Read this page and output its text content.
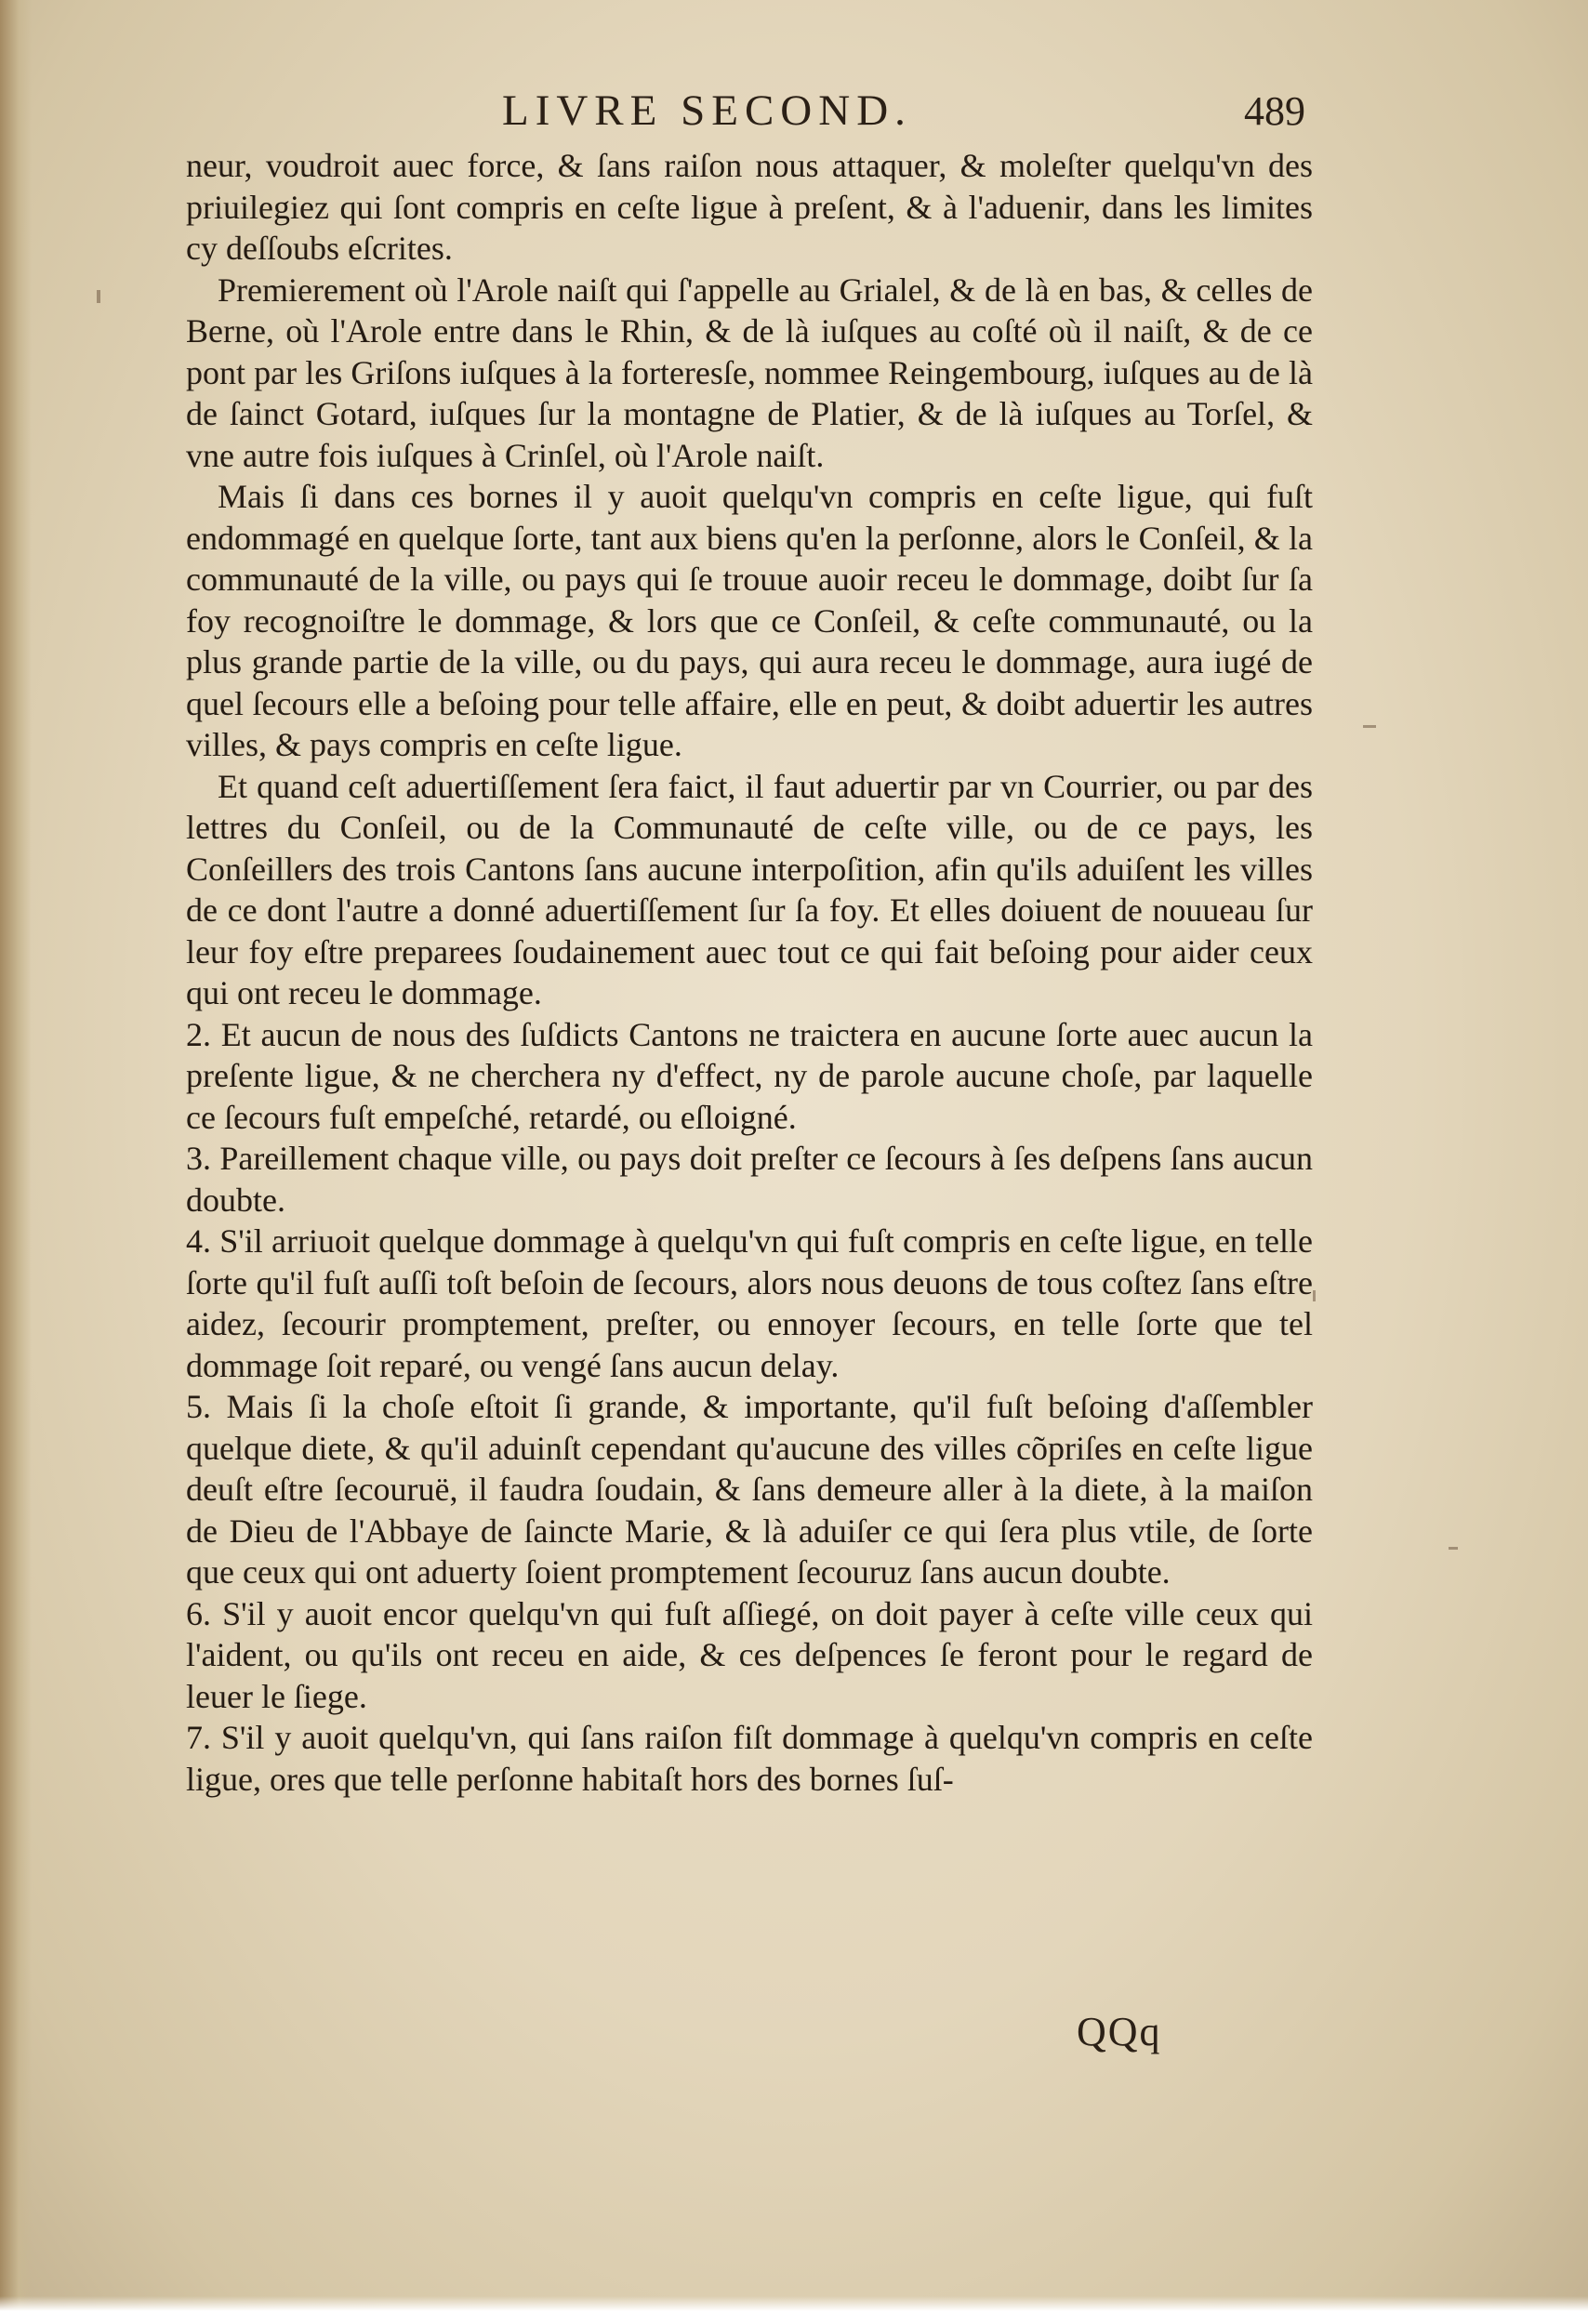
LIVRE SECOND.	489

neur, voudroit auec force, & ſans raiſon nous attaquer, & moleſter quelqu'vn des priuilegiez qui ſont compris en ceſte ligue à preſent, & à l'aduenir, dans les limites cy deſſoubs eſcrites.

Premierement où l'Arole naiſt qui ſ'appelle au Grialel, & de là en bas, & celles de Berne, où l'Arole entre dans le Rhin, & de là iuſques au coſté où il naiſt, & de ce pont par les Griſons iuſques à la forteresſe, nommee Reingembourg, iuſques au de là de ſainct Gotard, iuſques ſur la montagne de Platier, & de là iuſques au Torſel, & vne autre fois iuſques à Crinſel, où l'Arole naiſt.

Mais ſi dans ces bornes il y auoit quelqu'vn compris en ceſte ligue, qui fuſt endommagé en quelque ſorte, tant aux biens qu'en la perſonne, alors le Conſeil, & la communauté de la ville, ou pays qui ſe trouue auoir receu le dommage, doibt ſur ſa foy recognoiſtre le dommage, & lors que ce Conſeil, & ceſte communauté, ou la plus grande partie de la ville, ou du pays, qui aura receu le dommage, aura iugé de quel ſecours elle a beſoing pour telle affaire, elle en peut, & doibt aduertir les autres villes, & pays compris en ceſte ligue.

Et quand ceſt aduertiſſement ſera faict, il faut aduertir par vn Courrier, ou par des lettres du Conſeil, ou de la Communauté de ceſte ville, ou de ce pays, les Conſeillers des trois Cantons ſans aucune interpoſition, afin qu'ils aduiſent les villes de ce dont l'autre a donné aduertiſſement ſur ſa foy. Et elles doiuent de nouueau ſur leur foy eſtre preparees ſoudainement auec tout ce qui fait beſoing pour aider ceux qui ont receu le dommage.

2. Et aucun de nous des ſuſdicts Cantons ne traictera en aucune ſorte auec aucun la preſente ligue, & ne cherchera ny d'effect, ny de parole aucune choſe, par laquelle ce ſecours fuſt empeſché, retardé, ou eſloigné.

3. Pareillement chaque ville, ou pays doit preſter ce ſecours à ſes deſpens ſans aucun doubte.

4. S'il arriuoit quelque dommage à quelqu'vn qui fuſt compris en ceſte ligue, en telle ſorte qu'il fuſt auſſi toſt beſoin de ſecours, alors nous deuons de tous coſtez ſans eſtre aidez, ſecourir promptement, preſter, ou ennoyer ſecours, en telle ſorte que tel dommage ſoit reparé, ou vengé ſans aucun delay.

5. Mais ſi la choſe eſtoit ſi grande, & importante, qu'il fuſt beſoing d'aſſembler quelque diete, & qu'il aduinſt cependant qu'aucune des villes cõpriſes en ceſte ligue deuſt eſtre ſecouruë, il faudra ſoudain, & ſans demeure aller à la diete, à la maiſon de Dieu de l'Abbaye de ſaincte Marie, & là aduiſer ce qui ſera plus vtile, de ſorte que ceux qui ont aduerty ſoient promptement ſecouruz ſans aucun doubte.

6. S'il y auoit encor quelqu'vn qui fuſt aſſiegé, on doit payer à ceſte ville ceux qui l'aident, ou qu'ils ont receu en aide, & ces deſpences ſe feront pour le regard de leuer le ſiege.

7. S'il y auoit quelqu'vn, qui ſans raiſon fiſt dommage à quelqu'vn compris en ceſte ligue, ores que telle perſonne habitaſt hors des bornes ſuſ-

QQq
